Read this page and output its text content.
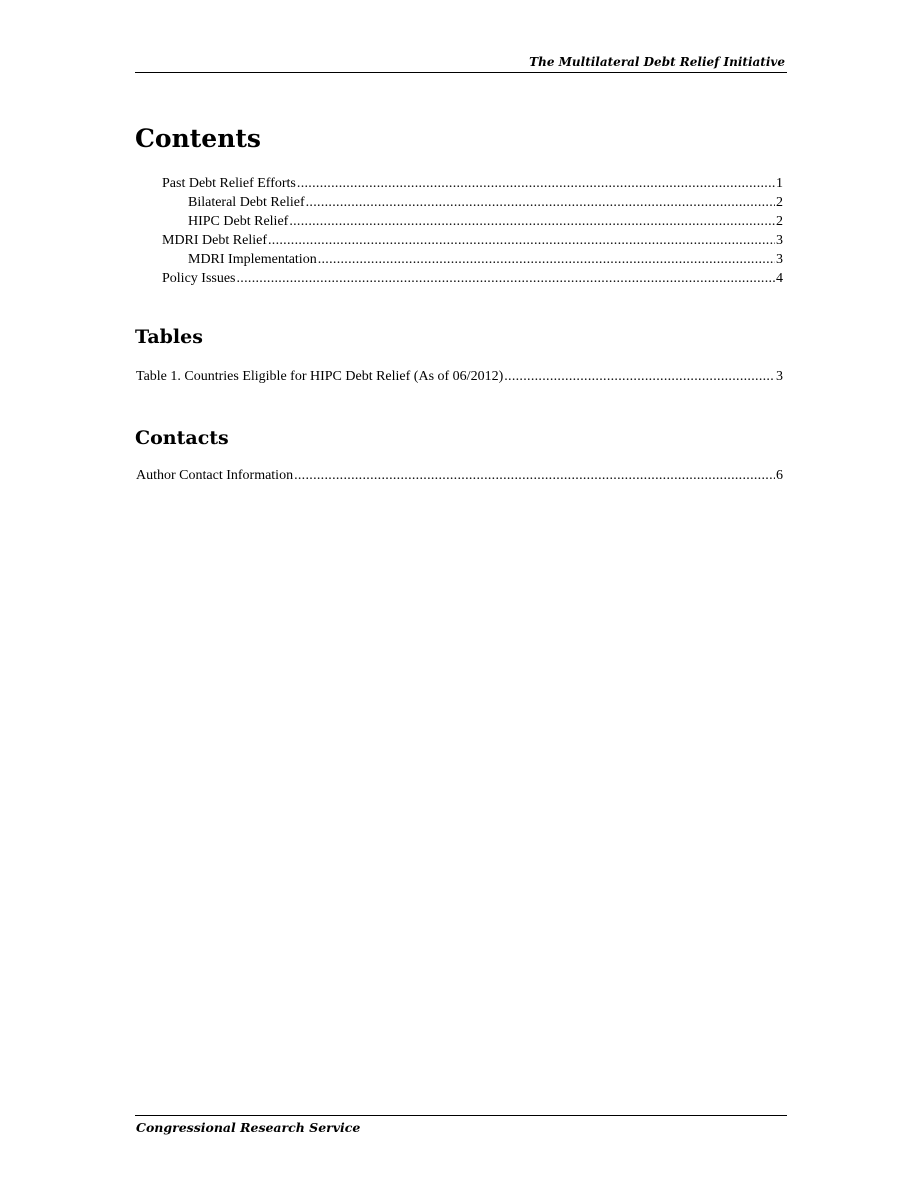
The Multilateral Debt Relief Initiative
Contents
Past Debt Relief Efforts .....	1
Bilateral Debt Relief .....	2
HIPC Debt Relief .....	2
MDRI Debt Relief .....	3
MDRI Implementation .....	3
Policy Issues .....	4
Tables
Table 1. Countries Eligible for HIPC Debt Relief (As of 06/2012) .....	3
Contacts
Author Contact Information .....	6
Congressional Research Service
